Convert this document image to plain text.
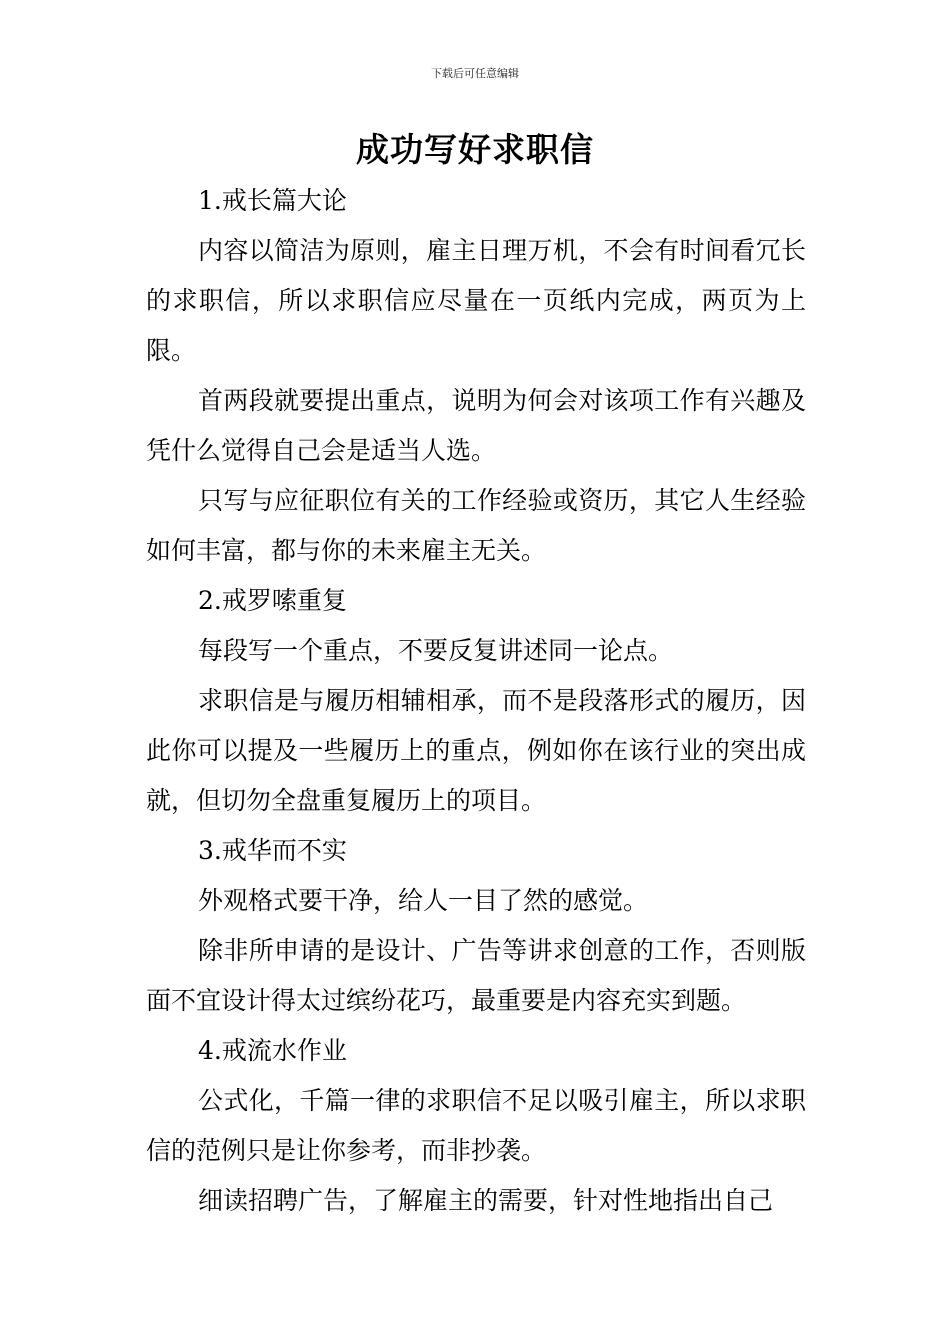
下载后可任意编辑
成功写好求职信

1.戒长篇大论

内容以简洁为原则，雇主日理万机，不会有时间看冗长的求职信，所以求职信应尽量在一页纸内完成，两页为上限。

首两段就要提出重点，说明为何会对该项工作有兴趣及凭什么觉得自己会是适当人选。

只写与应征职位有关的工作经验或资历，其它人生经验如何丰富，都与你的未来雇主无关。

2.戒罗嗦重复

每段写一个重点，不要反复讲述同一论点。

求职信是与履历相辅相承，而不是段落形式的履历，因此你可以提及一些履历上的重点，例如你在该行业的突出成就，但切勿全盘重复履历上的项目。

3.戒华而不实

外观格式要干净，给人一目了然的感觉。

除非所申请的是设计、广告等讲求创意的工作，否则版面不宜设计得太过缤纷花巧，最重要是内容充实到题。

4.戒流水作业

公式化，千篇一律的求职信不足以吸引雇主，所以求职信的范例只是让你参考，而非抄袭。

细读招聘广告，了解雇主的需要，针对性地指出自己
